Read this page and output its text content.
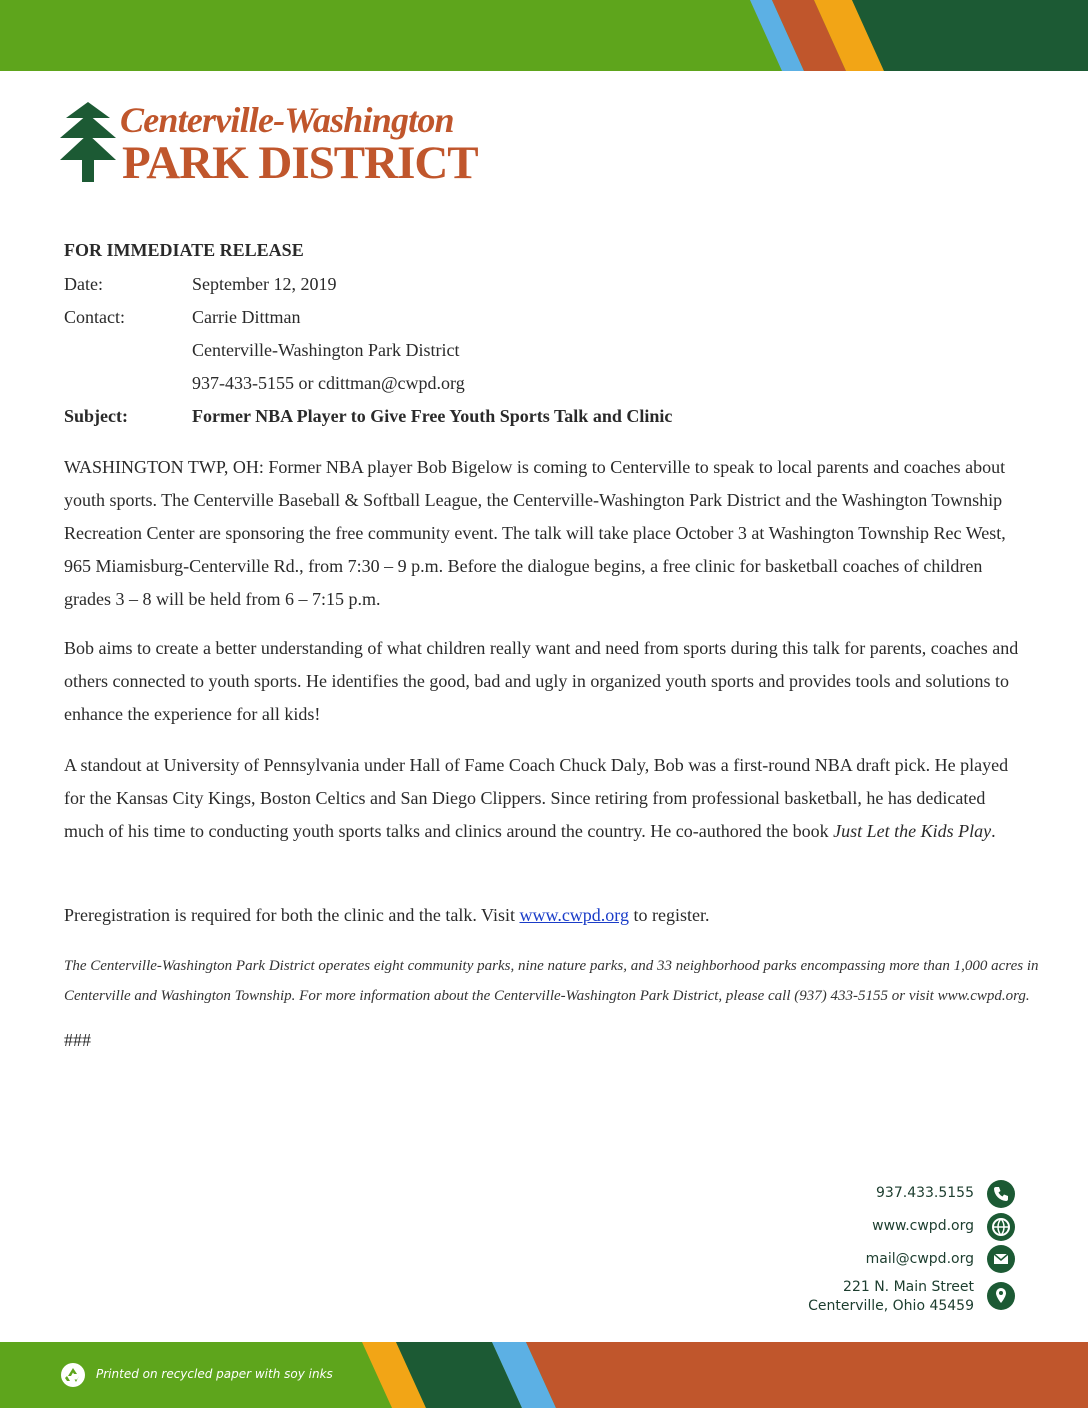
Centerville-Washington
PARK DISTRICT
FOR IMMEDIATE RELEASE
Date:	September 12, 2019
Contact:	Carrie Dittman
Centerville-Washington Park District
937-433-5155 or cdittman@cwpd.org
Subject:	Former NBA Player to Give Free Youth Sports Talk and Clinic

WASHINGTON TWP, OH: Former NBA player Bob Bigelow is coming to Centerville to speak to local parents and coaches about youth sports. The Centerville Baseball & Softball League, the Centerville-Washington Park District and the Washington Township Recreation Center are sponsoring the free community event. The talk will take place October 3 at Washington Township Rec West, 965 Miamisburg-Centerville Rd., from 7:30 – 9 p.m. Before the dialogue begins, a free clinic for basketball coaches of children grades 3 – 8 will be held from 6 – 7:15 p.m.

Bob aims to create a better understanding of what children really want and need from sports during this talk for parents, coaches and others connected to youth sports. He identifies the good, bad and ugly in organized youth sports and provides tools and solutions to enhance the experience for all kids!

A standout at University of Pennsylvania under Hall of Fame Coach Chuck Daly, Bob was a first-round NBA draft pick. He played for the Kansas City Kings, Boston Celtics and San Diego Clippers. Since retiring from professional basketball, he has dedicated much of his time to conducting youth sports talks and clinics around the country. He co-authored the book Just Let the Kids Play.

Preregistration is required for both the clinic and the talk. Visit www.cwpd.org to register.

The Centerville-Washington Park District operates eight community parks, nine nature parks, and 33 neighborhood parks encompassing more than 1,000 acres in Centerville and Washington Township. For more information about the Centerville-Washington Park District, please call (937) 433-5155 or visit www.cwpd.org.

###
937.433.5155
www.cwpd.org
mail@cwpd.org
221 N. Main Street
Centerville, Ohio 45459
Printed on recycled paper with soy inks
